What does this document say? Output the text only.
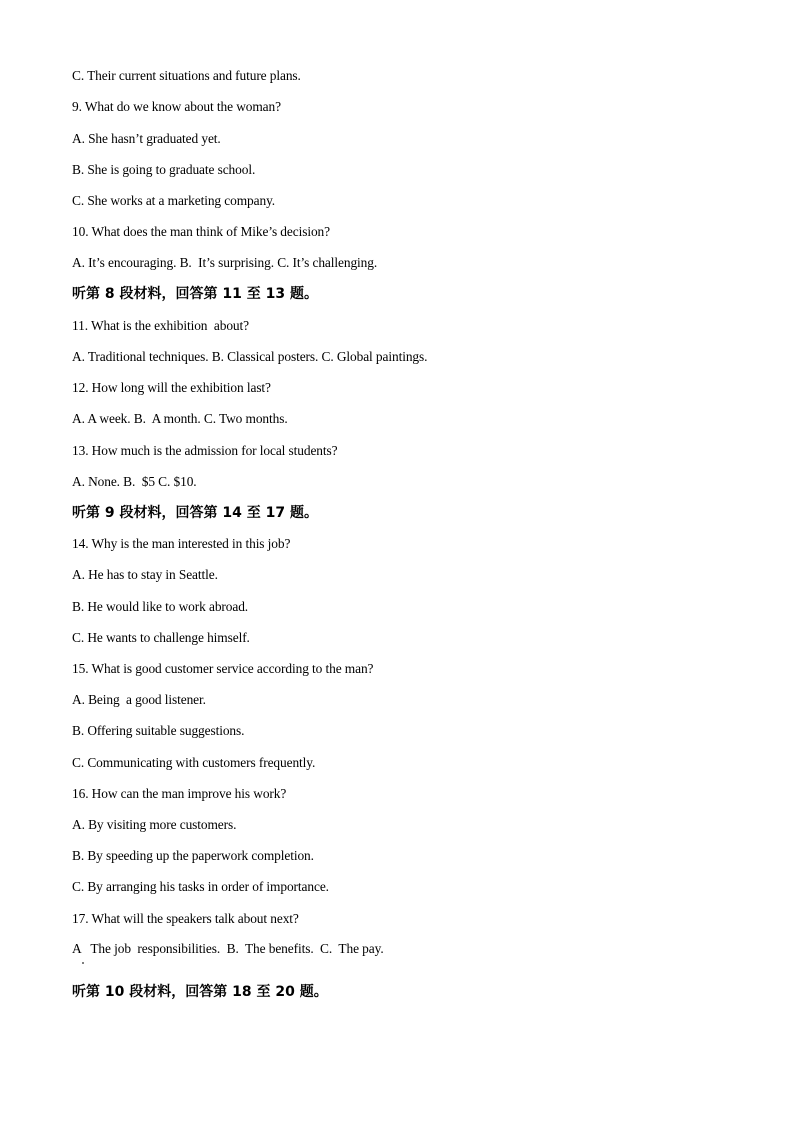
C. Their current situations and future plans.
9. What do we know about the woman?
A. She hasn’t graduated yet.
B. She is going to graduate school.
C. She works at a marketing company.
10. What does the man think of Mike’s decision?
A. It’s encouraging. B.  It’s surprising. C. It’s challenging.
听第 8 段材料，回答第 11 至 13 题。
11. What is the exhibition  about?
A. Traditional techniques. B. Classical posters. C. Global paintings.
12. How long will the exhibition last?
A. A week. B.  A month. C. Two months.
13. How much is the admission for local students?
A. None. B.  $5 C. $10.
听第 9 段材料，回答第 14 至 17 题。
14. Why is the man interested in this job?
A. He has to stay in Seattle.
B. He would like to work abroad.
C. He wants to challenge himself.
15. What is good customer service according to the man?
A. Being  a good listener.
B. Offering suitable suggestions.
C. Communicating with customers frequently.
16. How can the man improve his work?
A. By visiting more customers.
B. By speeding up the paperwork completion.
C. By arranging his tasks in order of importance.
17. What will the speakers talk about next?
A   The job  responsibilities.  B.  The benefits.  C.  The pay.
听第 10 段材料，回答第 18 至 20 题。
